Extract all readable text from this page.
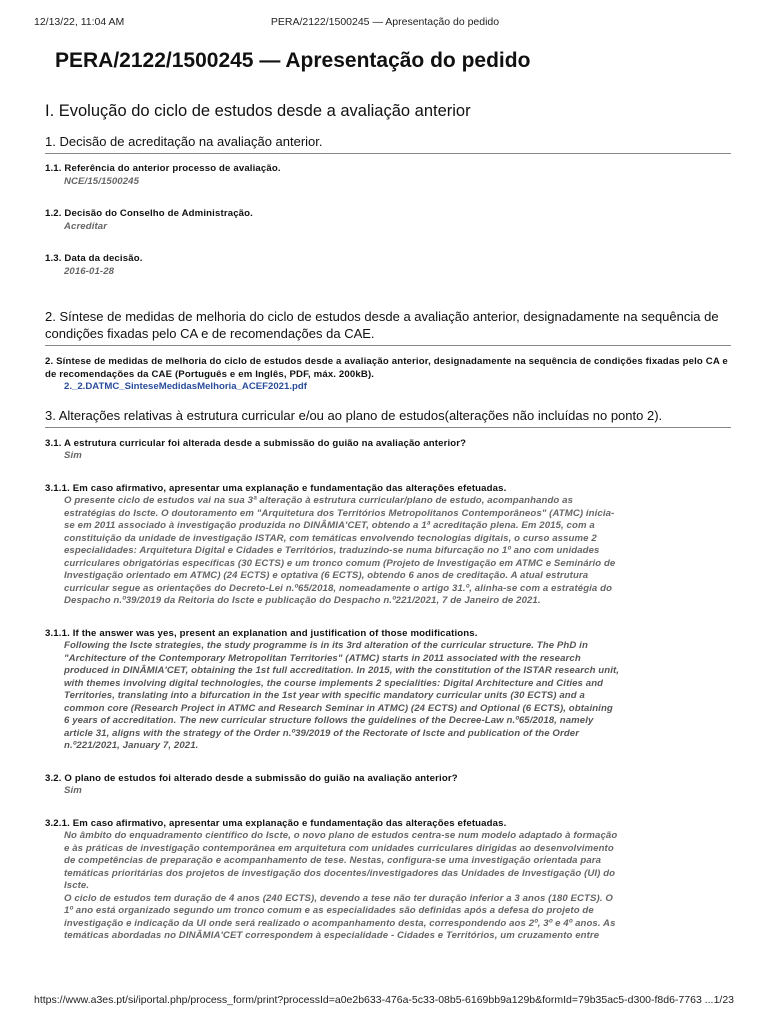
12/13/22, 11:04 AM	PERA/2122/1500245 — Apresentação do pedido
PERA/2122/1500245 — Apresentação do pedido
I. Evolução do ciclo de estudos desde a avaliação anterior
1. Decisão de acreditação na avaliação anterior.

1.1. Referência do anterior processo de avaliação.

NCE/15/1500245

1.2. Decisão do Conselho de Administração.

Acreditar

1.3. Data da decisão.

2016-01-28

2. Síntese de medidas de melhoria do ciclo de estudos desde a avaliação anterior, designadamente na sequência de condições fixadas pelo CA e de recomendações da CAE.

2. Síntese de medidas de melhoria do ciclo de estudos desde a avaliação anterior, designadamente na sequência de condições fixadas pelo CA e de recomendações da CAE (Português e em Inglês, PDF, máx. 200kB).

2._2.DATMC_SinteseMedidasMelhoria_ACEF2021.pdf
3. Alterações relativas à estrutura curricular e/ou ao plano de estudos(alterações não incluídas no ponto 2).

3.1. A estrutura curricular foi alterada desde a submissão do guião na avaliação anterior?

Sim

3.1.1. Em caso afirmativo, apresentar uma explanação e fundamentação das alterações efetuadas.

O presente ciclo de estudos vai na sua 3ª alteração à estrutura curricular/plano de estudo, acompanhando as
estratégias do Iscte. O doutoramento em "Arquitetura dos Territórios Metropolitanos Contemporâneos" (ATMC) inicia-
se em 2011 associado à investigação produzida no DINÂMIA'CET, obtendo a 1ª acreditação plena. Em 2015, com a
constituição da unidade de investigação ISTAR, com temáticas envolvendo tecnologias digitais, o curso assume 2
especialidades: Arquitetura Digital e Cidades e Territórios, traduzindo-se numa bifurcação no 1º ano com unidades
curriculares obrigatórias específicas (30 ECTS) e um tronco comum (Projeto de Investigação em ATMC e Seminário de
Investigação orientado em ATMC) (24 ECTS) e optativa (6 ECTS), obtendo 6 anos de creditação. A atual estrutura
curricular segue as orientações do Decreto-Lei n.º65/2018, nomeadamente o artigo 31.º, alinha-se com a estratégia do
Despacho n.º39/2019 da Reitoria do Iscte e publicação do Despacho n.º221/2021, 7 de Janeiro de 2021.

3.1.1. If the answer was yes, present an explanation and justification of those modifications.

Following the Iscte strategies, the study programme is in its 3rd alteration of the curricular structure. The PhD in
"Architecture of the Contemporary Metropolitan Territories" (ATMC) starts in 2011 associated with the research
produced in DINÂMIA'CET, obtaining the 1st full accreditation. In 2015, with the constitution of the ISTAR research unit,
with themes involving digital technologies, the course implements 2 specialities: Digital Architecture and Cities and
Territories, translating into a bifurcation in the 1st year with specific mandatory curricular units (30 ECTS) and a
common core (Research Project in ATMC and Research Seminar in ATMC) (24 ECTS) and Optional (6 ECTS), obtaining
6 years of accreditation. The new curricular structure follows the guidelines of the Decree-Law n.º65/2018, namely
article 31, aligns with the strategy of the Order n.º39/2019 of the Rectorate of Iscte and publication of the Order
n.º221/2021, January 7, 2021.

3.2. O plano de estudos foi alterado desde a submissão do guião na avaliação anterior?

Sim

3.2.1. Em caso afirmativo, apresentar uma explanação e fundamentação das alterações efetuadas.

No âmbito do enquadramento científico do Iscte, o novo plano de estudos centra-se num modelo adaptado à formação
e às práticas de investigação contemporânea em arquitetura com unidades curriculares dirigidas ao desenvolvimento
de competências de preparação e acompanhamento de tese. Nestas, configura-se uma investigação orientada para
temáticas prioritárias dos projetos de investigação dos docentes/investigadores das Unidades de Investigação (UI) do
Iscte.
O ciclo de estudos tem duração de 4 anos (240 ECTS), devendo a tese não ter duração inferior a 3 anos (180 ECTS). O
1º ano está organizado segundo um tronco comum e as especialidades são definidas após a defesa do projeto de
investigação e indicação da UI onde será realizado o acompanhamento desta, correspondendo aos 2º, 3º e 4º anos. As
temáticas abordadas no DINÂMIA'CET correspondem à especialidade - Cidades e Territórios, um cruzamento entre

https://www.a3es.pt/si/iportal.php/process_form/print?processId=a0e2b633-476a-5c33-08b5-6169bb9a129b&formId=79b35ac5-d300-f8d6-7763 ... 1/23
